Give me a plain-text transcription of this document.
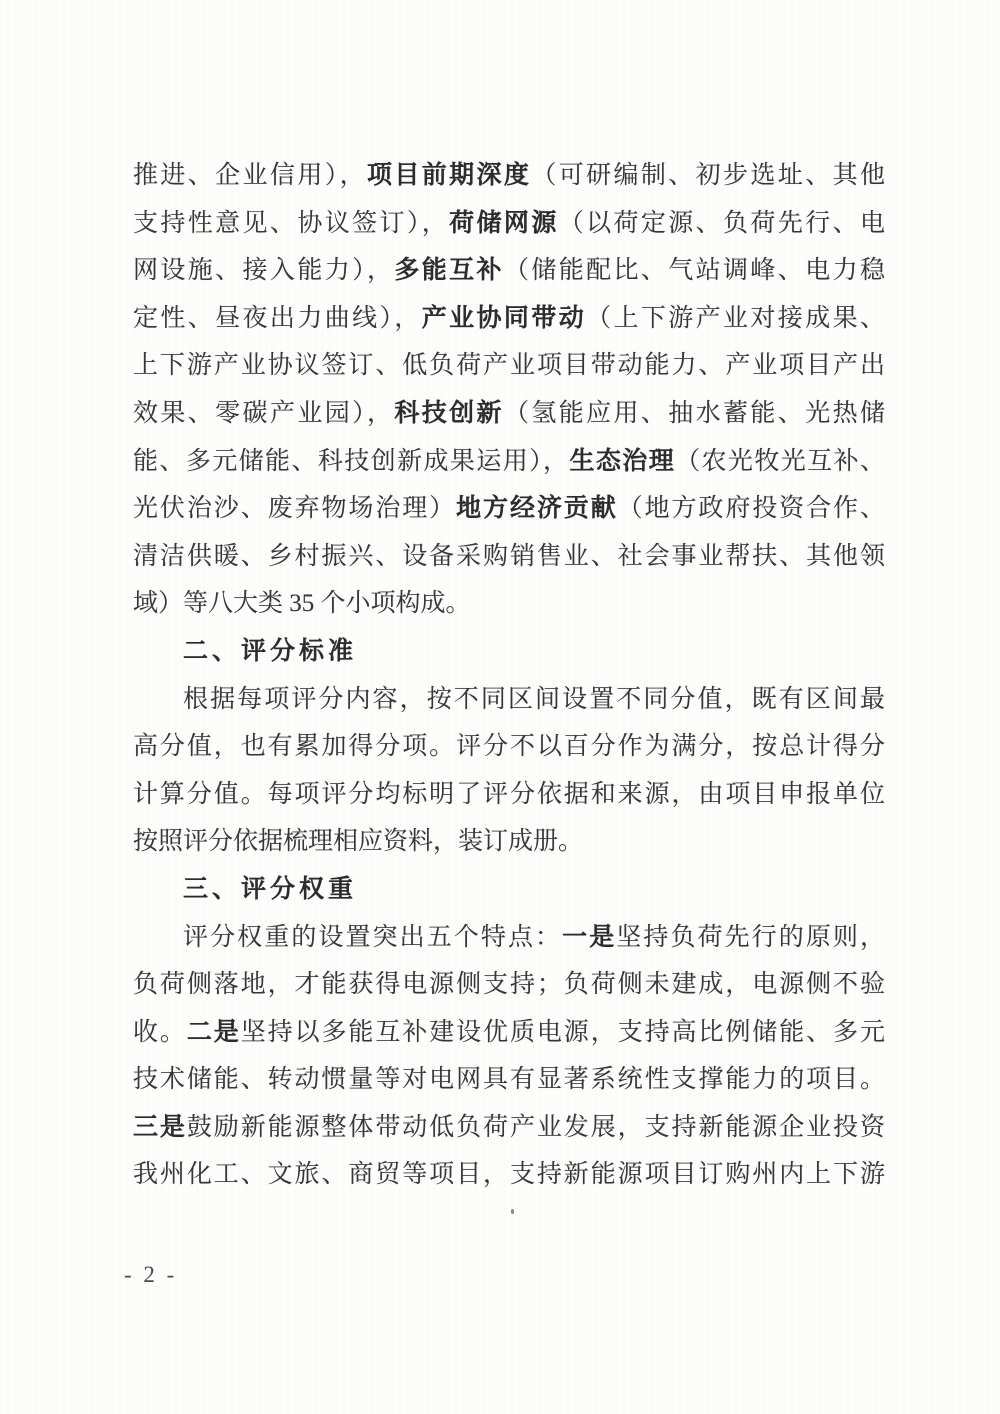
推进、企业信用），项目前期深度（可研编制、初步选址、其他

支持性意见、协议签订），荷储网源（以荷定源、负荷先行、电

网设施、接入能力），多能互补（储能配比、气站调峰、电力稳

定性、昼夜出力曲线），产业协同带动（上下游产业对接成果、

上下游产业协议签订、低负荷产业项目带动能力、产业项目产出

效果、零碳产业园），科技创新（氢能应用、抽水蓄能、光热储

能、多元储能、科技创新成果运用），生态治理（农光牧光互补、

光伏治沙、废弃物场治理）地方经济贡献（地方政府投资合作、

清洁供暖、乡村振兴、设备采购销售业、社会事业帮扶、其他领

域）等八大类 35 个小项构成。

二、评分标准

根据每项评分内容，按不同区间设置不同分值，既有区间最

高分值，也有累加得分项。评分不以百分作为满分，按总计得分

计算分值。每项评分均标明了评分依据和来源，由项目申报单位

按照评分依据梳理相应资料，装订成册。

三、评分权重

评分权重的设置突出五个特点：一是坚持负荷先行的原则，

负荷侧落地，才能获得电源侧支持；负荷侧未建成，电源侧不验

收。二是坚持以多能互补建设优质电源，支持高比例储能、多元

技术储能、转动惯量等对电网具有显著系统性支撑能力的项目。

三是鼓励新能源整体带动低负荷产业发展，支持新能源企业投资

我州化工、文旅、商贸等项目，支持新能源项目订购州内上下游

- 2 -
